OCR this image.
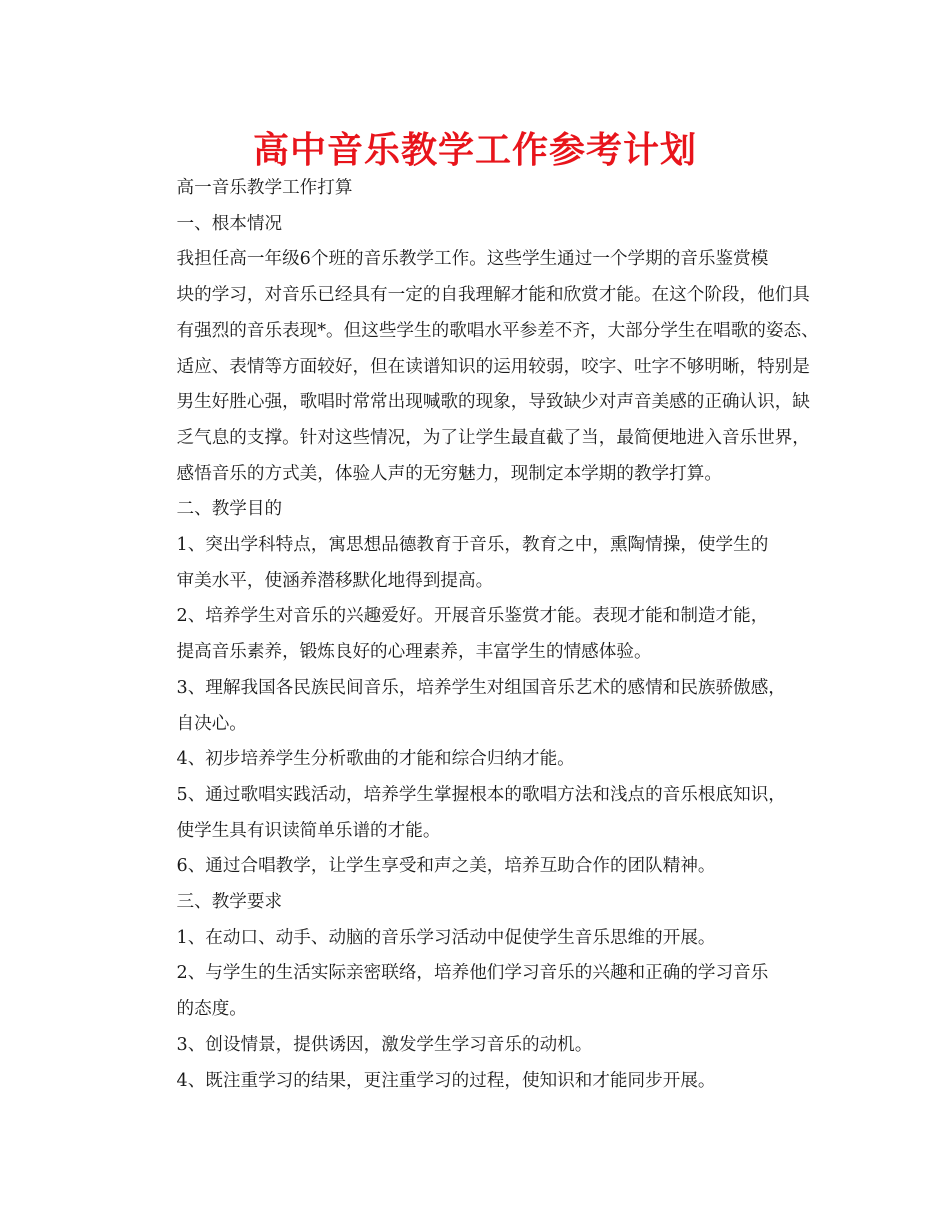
高中音乐教学工作参考计划

高一音乐教学工作打算

一、根本情况

我担任高一年级6个班的音乐教学工作。这些学生通过一个学期的音乐鉴赏模
块的学习，对音乐已经具有一定的自我理解才能和欣赏才能。在这个阶段，他们具
有强烈的音乐表现*。但这些学生的歌唱水平参差不齐，大部分学生在唱歌的姿态、
适应、表情等方面较好，但在读谱知识的运用较弱，咬字、吐字不够明晰，特别是
男生好胜心强，歌唱时常常出现喊歌的现象，导致缺少对声音美感的正确认识，缺
乏气息的支撑。针对这些情况，为了让学生最直截了当，最简便地进入音乐世界，
感悟音乐的方式美，体验人声的无穷魅力，现制定本学期的教学打算。

二、教学目的

1、突出学科特点，寓思想品德教育于音乐，教育之中，熏陶情操，使学生的
审美水平，使涵养潜移默化地得到提高。

2、培养学生对音乐的兴趣爱好。开展音乐鉴赏才能。表现才能和制造才能，
提高音乐素养，锻炼良好的心理素养，丰富学生的情感体验。

3、理解我国各民族民间音乐，培养学生对组国音乐艺术的感情和民族骄傲感，
自决心。

4、初步培养学生分析歌曲的才能和综合归纳才能。

5、通过歌唱实践活动，培养学生掌握根本的歌唱方法和浅点的音乐根底知识，
使学生具有识读简单乐谱的才能。

6、通过合唱教学，让学生享受和声之美，培养互助合作的团队精神。

三、教学要求

1、在动口、动手、动脑的音乐学习活动中促使学生音乐思维的开展。

2、与学生的生活实际亲密联络，培养他们学习音乐的兴趣和正确的学习音乐
的态度。

3、创设情景，提供诱因，激发学生学习音乐的动机。

4、既注重学习的结果，更注重学习的过程，使知识和才能同步开展。
